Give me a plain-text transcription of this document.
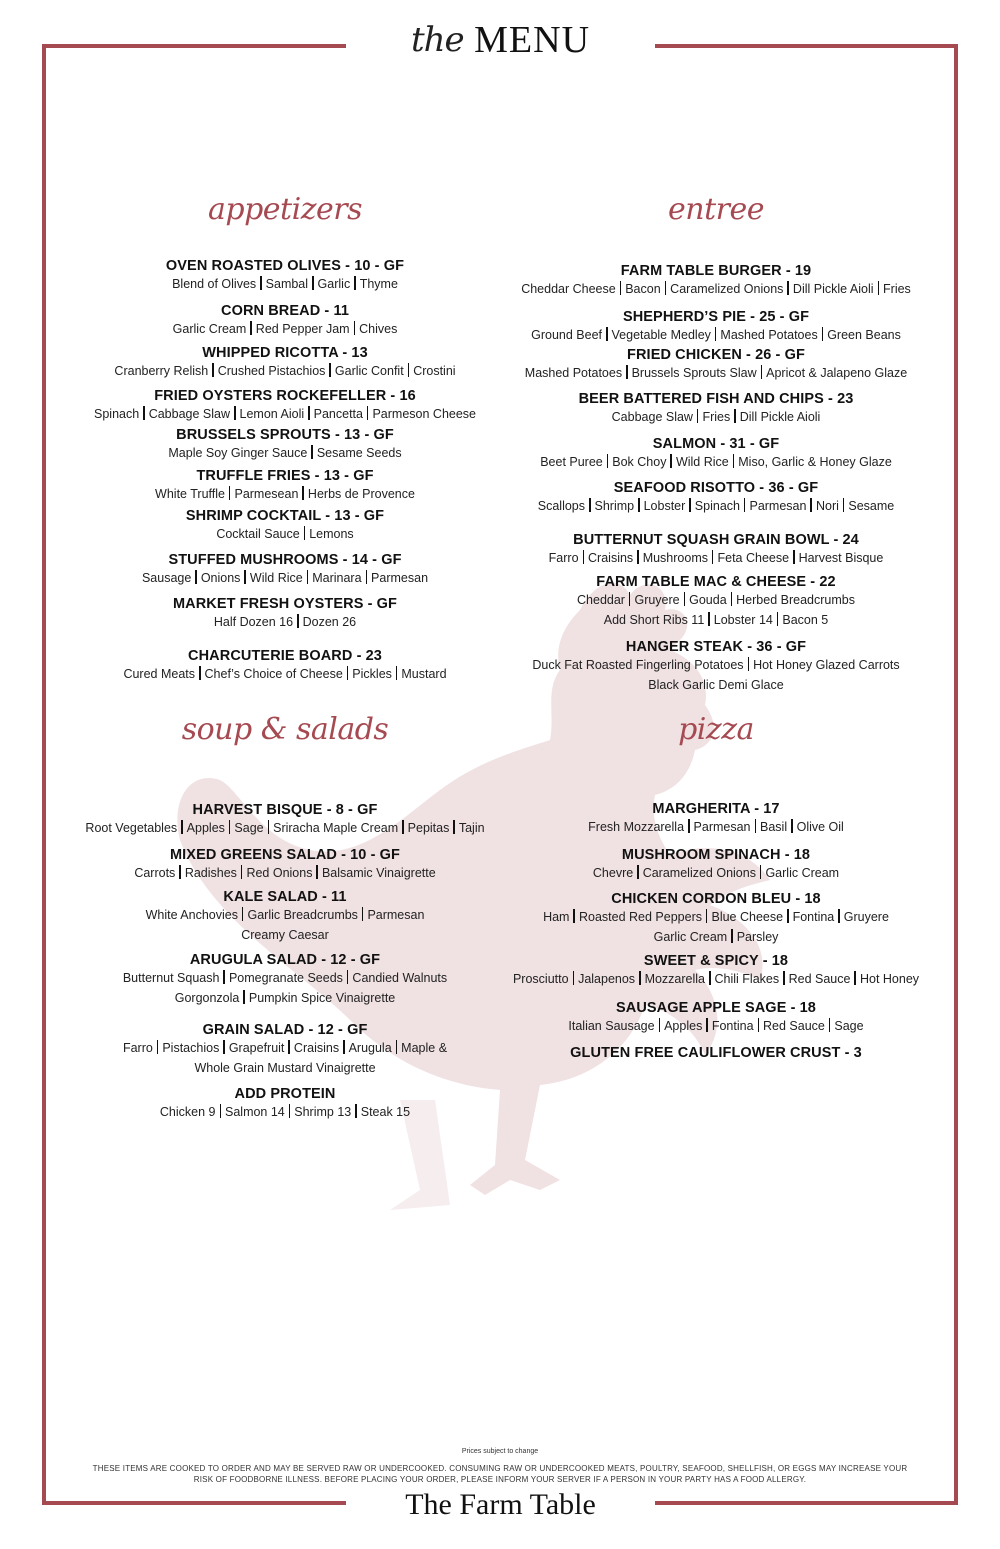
the MENU
appetizers	entree
soup & salads	pizza
OVEN ROASTED OLIVES - 10 - GF
Blend of Olives Sambal Garlic Thyme
CORN BREAD - 11
Garlic Cream Red Pepper Jam Chives
WHIPPED RICOTTA - 13
Cranberry Relish Crushed Pistachios Garlic Confit Crostini
FRIED OYSTERS ROCKEFELLER - 16
Spinach Cabbage Slaw Lemon Aioli Pancetta Parmeson Cheese
BRUSSELS SPROUTS - 13 - GF
Maple Soy Ginger Sauce Sesame Seeds
TRUFFLE FRIES - 13 - GF
White Truffle Parmesean Herbs de Provence
SHRIMP COCKTAIL - 13 - GF
Cocktail Sauce Lemons
STUFFED MUSHROOMS - 14 - GF
Sausage Onions Wild Rice Marinara Parmesan
MARKET FRESH OYSTERS - GF
Half Dozen 16 Dozen 26
CHARCUTERIE BOARD - 23
Cured Meats Chef’s Choice of Cheese Pickles Mustard
FARM TABLE BURGER - 19
Cheddar Cheese Bacon Caramelized Onions Dill Pickle Aioli Fries
SHEPHERD’S PIE - 25 - GF
Ground Beef Vegetable Medley Mashed Potatoes Green Beans
FRIED CHICKEN - 26 - GF
Mashed Potatoes Brussels Sprouts Slaw Apricot & Jalapeno Glaze
BEER BATTERED FISH AND CHIPS - 23
Cabbage Slaw Fries Dill Pickle Aioli
SALMON - 31 - GF
Beet Puree Bok Choy Wild Rice Miso, Garlic & Honey Glaze
SEAFOOD RISOTTO - 36 - GF
Scallops Shrimp Lobster Spinach Parmesan Nori Sesame
BUTTERNUT SQUASH GRAIN BOWL - 24
Farro Craisins Mushrooms Feta Cheese Harvest Bisque
FARM TABLE MAC & CHEESE - 22
Cheddar Gruyere Gouda Herbed Breadcrumbs
Add Short Ribs 11 Lobster 14 Bacon 5
HANGER STEAK - 36 - GF
Duck Fat Roasted Fingerling Potatoes Hot Honey Glazed Carrots
Black Garlic Demi Glace
HARVEST BISQUE - 8 - GF
Root Vegetables Apples Sage Sriracha Maple Cream Pepitas Tajin
MIXED GREENS SALAD - 10 - GF
Carrots Radishes Red Onions Balsamic Vinaigrette
KALE SALAD - 11
White Anchovies Garlic Breadcrumbs Parmesan
Creamy Caesar
ARUGULA SALAD - 12 - GF
Butternut Squash Pomegranate Seeds Candied Walnuts
Gorgonzola Pumpkin Spice Vinaigrette
GRAIN SALAD - 12 - GF
Farro Pistachios Grapefruit Craisins Arugula Maple &
Whole Grain Mustard Vinaigrette
ADD PROTEIN
Chicken 9 Salmon 14 Shrimp 13 Steak 15
MARGHERITA - 17
Fresh Mozzarella Parmesan Basil Olive Oil
MUSHROOM SPINACH - 18
Chevre Caramelized Onions Garlic Cream
CHICKEN CORDON BLEU - 18
Ham Roasted Red Peppers Blue Cheese Fontina Gruyere
Garlic Cream Parsley
SWEET & SPICY - 18
Prosciutto Jalapenos Mozzarella Chili Flakes Red Sauce Hot Honey
SAUSAGE APPLE SAGE - 18
Italian Sausage Apples Fontina Red Sauce Sage
GLUTEN FREE CAULIFLOWER CRUST - 3
Prices subject to change
THESE ITEMS ARE COOKED TO ORDER AND MAY BE SERVED RAW OR UNDERCOOKED. CONSUMING RAW OR UNDERCOOKED MEATS, POULTRY, SEAFOOD, SHELLFISH, OR EGGS MAY INCREASE YOUR RISK OF FOODBORNE ILLNESS. BEFORE PLACING YOUR ORDER, PLEASE INFORM YOUR SERVER IF A PERSON IN YOUR PARTY HAS A FOOD ALLERGY.
The Farm Table
